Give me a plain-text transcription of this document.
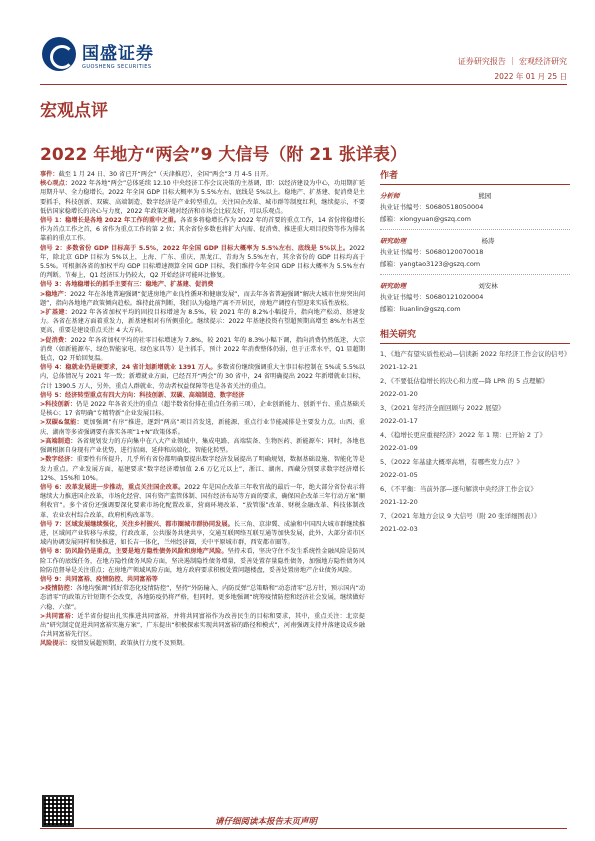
国盛证券
GUOSHENG SECURITIES
证券研究报告 ｜ 宏观经济研究
2022 年 01 月 25 日
宏观点评
2022 年地方“两会”9 大信号（附 21 张详表）

事件：截至 1 月 24 日、30 省已开“两会”（天津推迟），全国“两会”3 月 4-5 日开。

核心观点：2022 年各地“两会”总体延续 12.10 中央经济工作会议决策的主基调，即：以经济建设为中心，功用期扩延用期升早、全力稳增长。2022 年全国 GDP 目标大概率为 5.5%左右、底线是 5%以上。稳地产、扩基建、促消费是主要抓手，科技创新、双碳、高端制造、数字经济是产业转型重点。关注国企改革、城市群等制度红利，继续提示，不要低估国家稳增长的决心与力度，2022 年政策环境对经济和市场会比较友好，可以乐观点。

信号 1：稳增长是各地 2022 年工作的重中之重。各省多将稳增长作为 2022 年的首要的重点工作，14 省份将稳增长作为首点工作之首，6 省作为重点工作的第 2 位；其余省份多数也将扩大内需、促消费、推进重大项目投资等作为排名靠前的重点工作。

信号 2：多数省份 GDP 目标高于 5.5%，2022 年全国 GDP 目标大概率为 5.5%左右、底线是 5%以上。2022 年，除北京 GDP 目标为 5%以上，上海、广东、重庆、黑龙江、青海为 5.5%左右，其余省份的 GDP 目标均高于 5.5%。可根据各省的加权平均 GDP 目标增速测算全国 GDP 目标，我们维持今年全国 GDP 目标大概率为 5.5%左右的判断。节奏上，Q1 经济压力仍较大，Q2 开始经济可能环比修复。

信号 3：各地稳增长的抓手主要有三：稳地产、扩基建、促消费

>稳地产：2022 年在各地普遍强调“促进房地产业良性循环和健康发展”，而去年各省普遍强调“解决大城市住房突出问题”，指向各地地产政策倾向趋松。维持此前判断，我们认为稳地产离不开居民，房地产调控有望迎来实质性放松。

>扩基建：2022 年各省加权平均的固投目标增速为 8.5%，较 2021 年的 8.2%小幅提升，指向地产松动、基建发力。各省在基建方面着重发力，新基建相对有所侧重化。继续提示：2022 年基建投资有望超预期高增至 8%左右甚至更高，重要是建设重点关注 4 大方向。

>促消费：2022 年各省加权平均的社零目标增速为 7.8%，较 2021 年的 8.3%小幅下调，指向消费仍然低迷，大宗消费（如新能源车、绿色智能家电、绿色家具等）是主抓手，预计 2022 年消费整体仍弱，但于正常水平，Q1 显超期低点，Q2 开始回复温。

信号 4：稳就业仍是硬要求，24 省计划新增就业 1391 万人。多数省份继续强调重大主事目标控制在 5%或 5.5%以内，总体情况与 2021 年一致；新增就业方面，已经召开“两会”的 30 省中，24 省明确提出 2022 年新增就业目标，合计 1390.5 万人，另外，重点人群就业、劳动者权益保障等也是各省关注的重点。

信号 5：经济转型重点有四大方向：科技创新、双碳、高端制造、数字经济

>科技创新：仍是 2022 年各省关注的重点（超半数省份排在重点任务前三项），企业创新能力、创新平台、重点基础关是核心；17 省明确“专精特新”企业发展目标。

>双碳&氢能：更加强调“有序”推进，逐到“两高”项目首发选，新能源、重点行业节能减排是主要发力点。山西、重庆、湖南等多省强调要有落实各项“1+N”政策体系。

>高端制造：各省规划发力的方向集中在八大产业领域中，集成电路、高端装备、生物医药、新能源车；同时，各地也强调根据自身现有产业优势，进行招商、延伸和高端化、智能化转型。

>数字经济：重要性有所提升，几乎所有省份都明确要提出数字经济发展提出了明确规划，数据基础设施、智能化等是发力重点。产业发展方面，福建要求“数字经济增加值 2.6 万亿元以上”，浙江、湖南、西藏分别要求数字经济增长 12%、15%和 10%。

信号 6：改革发展进一步推动，重点关注国企改革。2022 年是国企改革三年收官战的最后一年，绝大部分省份表示将继续大力推进国企改革，市场化经营、国有资产监管体制、国有经济布局等方面的要求，确保国企改革三年行动方案“顺利收官”。多个省份还强调要深化要素市场化配置改革，营商环境改革、“放管服”改革、财税金融改革、科技体制改革、农业农村综合改革，政府机构改革等。

信号 7：区域发展继续强化，关注乡村振兴、都市圈城市群协同发展。长三角、京津冀、成渝和中国四大城市群继续推进，区域间产业转移与承接，行政改革，公共服务共建共享，交通互联网络互联互通等加快发展，此外，大部分省市区域内协调发展同样和快推进，如长吉一体化，兰州经济圈，关中平原城市群，西安都市圈等。

信号 8：防风险仍是重点，主要是地方隐性债务风险和房地产风险。坚持未看，坚决守住不发生系统性金融风险是防风险工作的底线任务，在地方隐性债务风险方面，坚决遏制隐性债务增量，妥善处置存量隐性债务，加强地方隐性债务风险防范督导是关注重点；在房地产领域风险方面，地方政府要求积极处置问题楼盘，妥善处置房地产企业债务风险。

信号 9：共同富裕、疫情防控、共同富裕等

>疫情防控：各地均强调“抓好常态化疫情防控”，坚持“外防输入、内防反弹”总策略和“动态清零”总方针，预示国内“动态清零”的政策方针短期不会改变，各地防疫仍将严格，但同时，更多地强调“统筹疫情防控和经济社会发展，继续做好六稳、六保”。

>共同富裕：近半省份提出扎实推进共同富裕，并将共同富裕作为改善民生的目标和要求，其中，重点关注：北京提出“研究制定促进共同富裕实施方案”，广东提出“积极探索实现共同富裕的路径和模式”，河南强调支持并落建设成乡融合共同富裕先行区。

风险提示：疫情发展超预期，政策执行力度不及预期。

作者
分析师	熊园
执业证书编号：S0680518050004
邮箱：xiongyuan@gszq.com
研究助理	杨涛
执业证书编号：S0680120070018
邮箱：yangtao3123@gszq.com
研究助理	刘安林
执业证书编号：S0680121020004
邮箱：liuanlin@gszq.com
相关研究
1、《地产有望实质性松动—信读新 2022 年经济工作会议的信号》
2021-12-21
2、《不要低估稳增长的决心和力度—降 LPR 的 5 点理解》
2022-01-20
3、《2021 年经济全面回顾与 2022 展望》
2022-01-17
4、《稳增长更应重视经济》2022 年 1 期：已开始 2 了》
2022-01-09
5、《2022 年基建大概率高增，有哪些发力点？》
2022-01-05
6、《不平衡：当前外部—逐句解读中央经济工作会议》
2021-12-20
7、《2021 年地方会议 9 大信号（附 20 张详细图表）》
2021-02-03
请仔细阅读本报告末页声明
